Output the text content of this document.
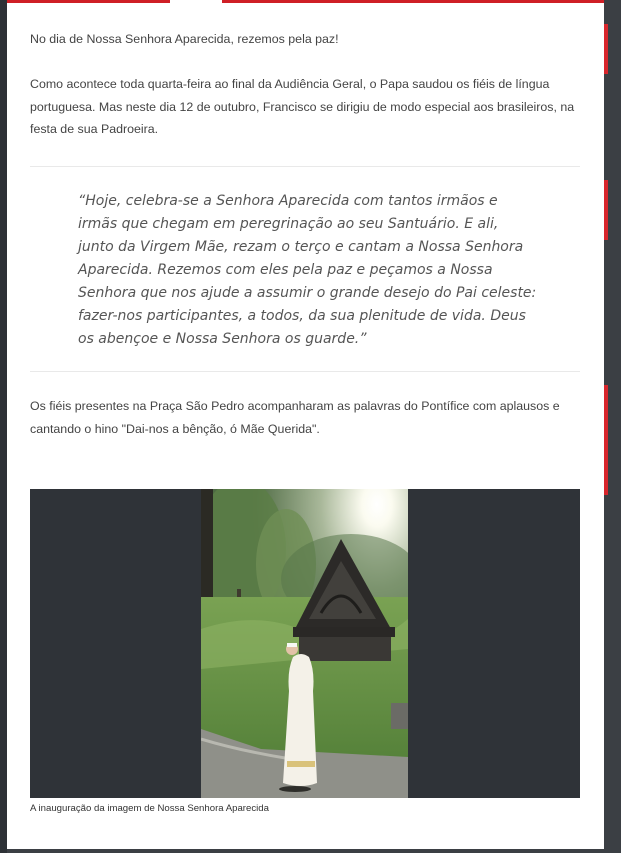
No dia de Nossa Senhora Aparecida, rezemos pela paz!

Como acontece toda quarta-feira ao final da Audiência Geral, o Papa saudou os fiéis de língua portuguesa. Mas neste dia 12 de outubro, Francisco se dirigiu de modo especial aos brasileiros, na festa de sua Padroeira.

“Hoje, celebra-se a Senhora Aparecida com tantos irmãos e irmãs que chegam em peregrinação ao seu Santuário. E ali, junto da Virgem Mãe, rezam o terço e cantam a Nossa Senhora Aparecida. Rezemos com eles pela paz e peçamos a Nossa Senhora que nos ajude a assumir o grande desejo do Pai celeste: fazer-nos participantes, a todos, da sua plenitude de vida. Deus os abençoe e Nossa Senhora os guarde.”

Os fiéis presentes na Praça São Pedro acompanharam as palavras do Pontífice com aplausos e cantando o hino "Dai-nos a bênção, ó Mãe Querida".

A inauguração da imagem de Nossa Senhora Aparecida
